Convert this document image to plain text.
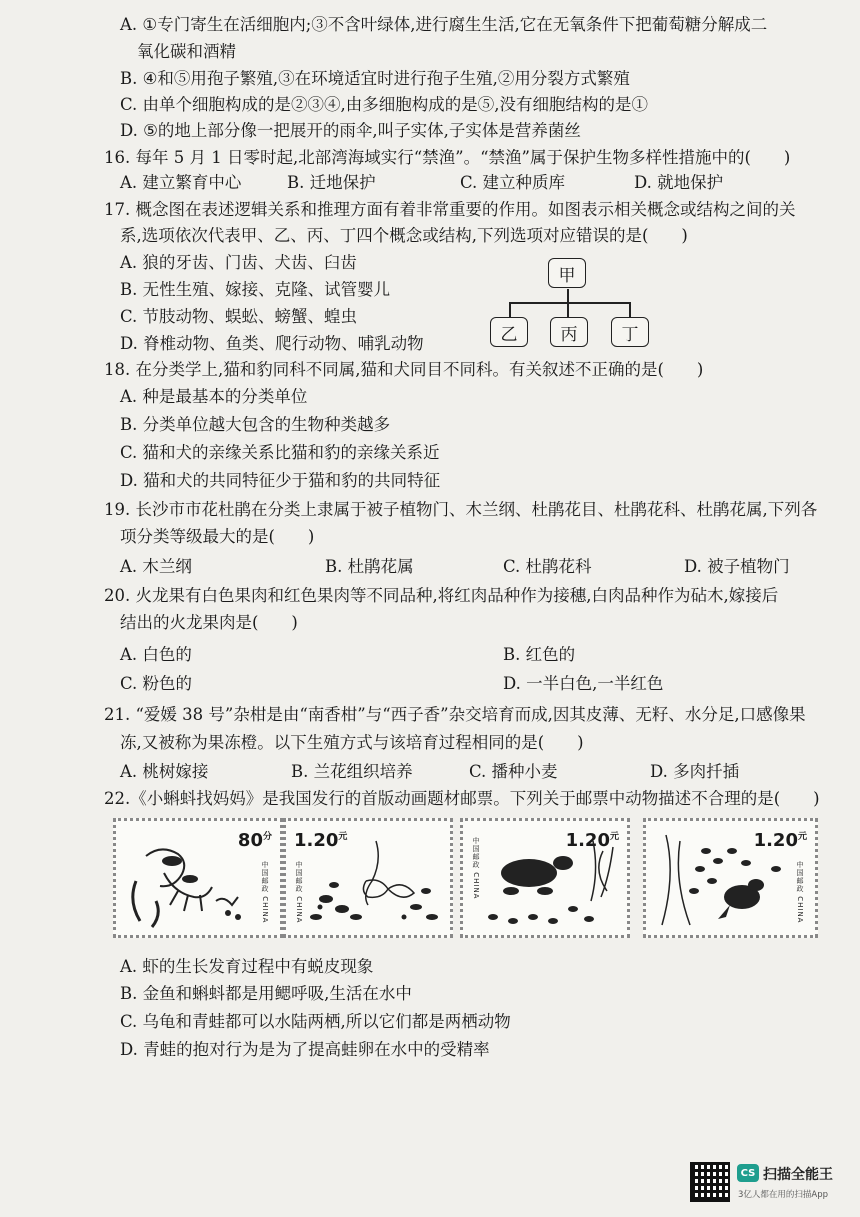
A. ①专门寄生在活细胞内;③不含叶绿体,进行腐生生活,它在无氧条件下把葡萄糖分解成二
氧化碳和酒精
B. ④和⑤用孢子繁殖,③在环境适宜时进行孢子生殖,②用分裂方式繁殖
C. 由单个细胞构成的是②③④,由多细胞构成的是⑤,没有细胞结构的是①
D. ⑤的地上部分像一把展开的雨伞,叫子实体,子实体是营养菌丝
16. 每年 5 月 1 日零时起,北部湾海域实行“禁渔”。“禁渔”属于保护生物多样性措施中的(　　)
A. 建立繁育中心	B. 迁地保护	C. 建立种质库	D. 就地保护
17. 概念图在表述逻辑关系和推理方面有着非常重要的作用。如图表示相关概念或结构之间的关
系,选项依次代表甲、乙、丙、丁四个概念或结构,下列选项对应错误的是(　　)
A. 狼的牙齿、门齿、犬齿、臼齿
B. 无性生殖、嫁接、克隆、试管婴儿
C. 节肢动物、蜈蚣、螃蟹、蝗虫
D. 脊椎动物、鱼类、爬行动物、哺乳动物
甲
乙	丙	丁
18. 在分类学上,猫和豹同科不同属,猫和犬同目不同科。有关叙述不正确的是(　　)
A. 种是最基本的分类单位
B. 分类单位越大包含的生物种类越多
C. 猫和犬的亲缘关系比猫和豹的亲缘关系近
D. 猫和犬的共同特征少于猫和豹的共同特征
19. 长沙市市花杜鹃在分类上隶属于被子植物门、木兰纲、杜鹃花目、杜鹃花科、杜鹃花属,下列各
项分类等级最大的是(　　)
A. 木兰纲	B. 杜鹃花属	C. 杜鹃花科	D. 被子植物门
20. 火龙果有白色果肉和红色果肉等不同品种,将红肉品种作为接穗,白肉品种作为砧木,嫁接后
结出的火龙果肉是(　　)
A. 白色的	B. 红色的
C. 粉色的	D. 一半白色,一半红色
21. “爱媛 38 号”杂柑是由“南香柑”与“西子香”杂交培育而成,因其皮薄、无籽、水分足,口感像果
冻,又被称为果冻橙。以下生殖方式与该培育过程相同的是(　　)
A. 桃树嫁接	B. 兰花组织培养	C. 播种小麦	D. 多肉扦插
22.《小蝌蚪找妈妈》是我国发行的首版动画题材邮票。下列关于邮票中动物描述不合理的是(　　)
$80^分$
中国邮政 CHINA
$1.20^元$
中国邮政 CHINA
$1.20^元$
中国邮政 CHINA	$1.20^元$
中国邮政 CHINA
A. 虾的生长发育过程中有蜕皮现象
B. 金鱼和蝌蚪都是用鳃呼吸,生活在水中
C. 乌龟和青蛙都可以水陆两栖,所以它们都是两栖动物
D. 青蛙的抱对行为是为了提高蛙卵在水中的受精率
CS 扫描全能王
3亿人都在用的扫描App
